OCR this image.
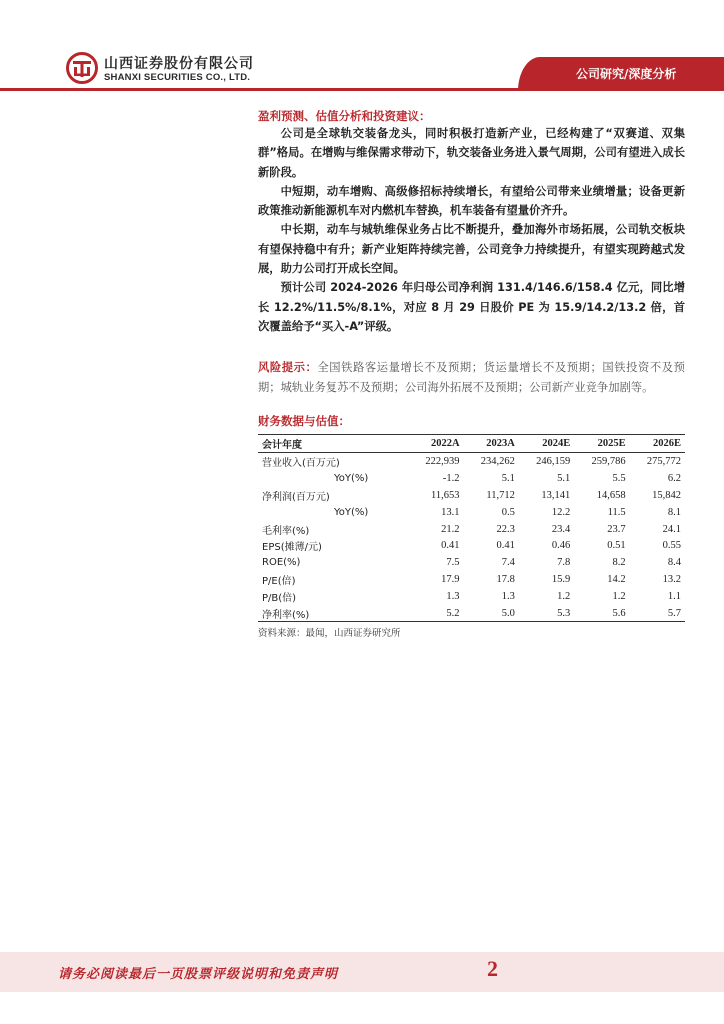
山西证券股份有限公司
SHANXI SECURITIES CO., LTD.	公司研究/深度分析
盈利预测、估值分析和投资建议：

公司是全球轨交装备龙头，同时积极打造新产业，已经构建了“双赛道、双集群”格局。在增购与维保需求带动下，轨交装备业务进入景气周期，公司有望进入成长新阶段。

中短期，动车增购、高级修招标持续增长，有望给公司带来业绩增量；设备更新政策推动新能源机车对内燃机车替换，机车装备有望量价齐升。

中长期，动车与城轨维保业务占比不断提升，叠加海外市场拓展，公司轨交板块有望保持稳中有升；新产业矩阵持续完善，公司竞争力持续提升，有望实现跨越式发展，助力公司打开成长空间。

预计公司 2024-2026 年归母公司净利润 131.4/146.6/158.4 亿元，同比增长 12.2%/11.5%/8.1%，对应 8 月 29 日股价 PE 为 15.9/14.2/13.2 倍，首次覆盖给予“买入-A”评级。

风险提示：全国铁路客运量增长不及预期；货运量增长不及预期；国铁投资不及预期；城轨业务复苏不及预期；公司海外拓展不及预期；公司新产业竞争加剧等。
财务数据与估值：
会计年度	2022A	2023A	2024E	2025E	2026E
营业收入(百万元)	222,939	234,262	246,159	259,786	275,772
YoY(%)	-1.2	5.1	5.1	5.5	6.2
净利润(百万元)	11,653	11,712	13,141	14,658	15,842
YoY(%)	13.1	0.5	12.2	11.5	8.1
毛利率(%)	21.2	22.3	23.4	23.7	24.1
EPS(摊薄/元)	0.41	0.41	0.46	0.51	0.55
ROE(%)	7.5	7.4	7.8	8.2	8.4
P/E(倍)	17.9	17.8	15.9	14.2	13.2
P/B(倍)	1.3	1.3	1.2	1.2	1.1
净利率(%)	5.2	5.0	5.3	5.6	5.7
资料来源：最闻，山西证券研究所
请务必阅读最后一页股票评级说明和免责声明	2
